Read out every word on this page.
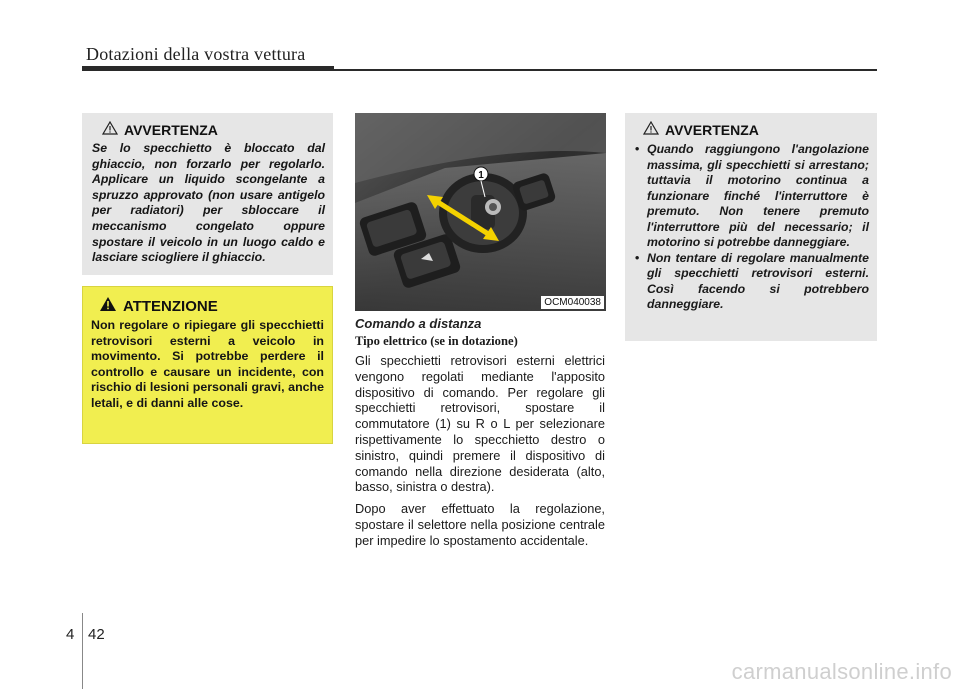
Dotazioni della vostra vettura
AVVERTENZA
Se lo specchietto è bloccato dal ghiaccio, non forzarlo per regolarlo. Applicare un liquido scongelante a spruzzo approvato (non usare antigelo per radiatori) per sbloccare il meccanismo congelato oppure spostare il veicolo in un luogo caldo e lasciare sciogliere il ghiaccio.
ATTENZIONE
Non regolare o ripiegare gli specchietti retrovisori esterni a veicolo in movimento. Si potrebbe perdere il controllo e causare un incidente, con rischio di lesioni personali gravi, anche letali, e di danni alle cose.
1
OCM040038
Comando a distanza
Tipo elettrico (se in dotazione)
Gli specchietti retrovisori esterni elettrici vengono regolati mediante l'apposito dispositivo di comando. Per regolare gli specchietti retrovisori, spostare il commutatore (1) su R o L per selezionare rispettivamente lo specchietto destro o sinistro, quindi premere il dispositivo di comando nella direzione desiderata (alto, basso, sinistra o destra).
Dopo aver effettuato la regolazione, spostare il selettore nella posizione centrale per impedire lo spostamento accidentale.
AVVERTENZA
• Quando raggiungono l'angolazione massima, gli specchietti si arrestano; tuttavia il motorino continua a funzionare finché l'interruttore è premuto. Non tenere premuto l'interruttore più del necessario; il motorino si potrebbe danneggiare.
• Non tentare di regolare manualmente gli specchietti retrovisori esterni. Così facendo si potrebbero danneggiare.
4 42
carmanualsonline.info
